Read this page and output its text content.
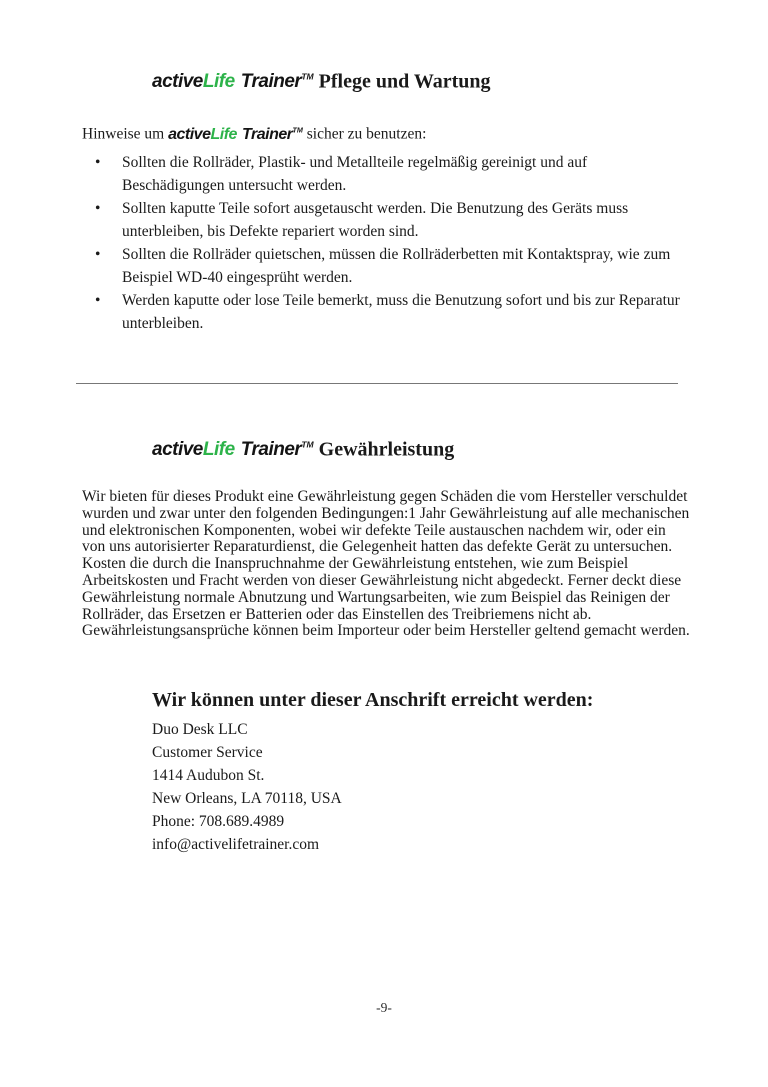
activeLife Trainer™ Pflege und Wartung
Hinweise um activeLife Trainer™ sicher zu benutzen:
• Sollten die Rollräder, Plastik- und Metallteile regelmäßig gereinigt und auf Beschädigungen untersucht werden.
• Sollten kaputte Teile sofort ausgetauscht werden. Die Benutzung des Geräts muss unterbleiben, bis Defekte repariert worden sind.
• Sollten die Rollräder quietschen, müssen die Rollräderbetten mit Kontaktspray, wie zum Beispiel WD-40 eingesprüht werden.
• Werden kaputte oder lose Teile bemerkt, muss die Benutzung sofort und bis zur Reparatur unterbleiben.
activeLife Trainer™ Gewährleistung

Wir bieten für dieses Produkt eine Gewährleistung gegen Schäden die vom Hersteller verschuldet wurden und zwar unter den folgenden Bedingungen:1 Jahr Gewährleistung auf alle mechanischen und elektronischen Komponenten, wobei wir defekte Teile austauschen nachdem wir, oder ein von uns autorisierter Reparaturdienst, die Gelegenheit hatten das defekte Gerät zu untersuchen. Kosten die durch die Inanspruchnahme der Gewährleistung entstehen, wie zum Beispiel Arbeitskosten und Fracht werden von dieser Gewährleistung nicht abgedeckt. Ferner deckt diese Gewährleistung normale Abnutzung und Wartungsarbeiten, wie zum Beispiel das Reinigen der Rollräder, das Ersetzen er Batterien oder das Einstellen des Treibriemens nicht ab. Gewährleistungsansprüche können beim Importeur oder beim Hersteller geltend gemacht werden.

Wir können unter dieser Anschrift erreicht werden:
Duo Desk LLC
Customer Service
1414 Audubon St.
New Orleans, LA 70118, USA
Phone: 708.689.4989
info@activelifetrainer.com
-9-
